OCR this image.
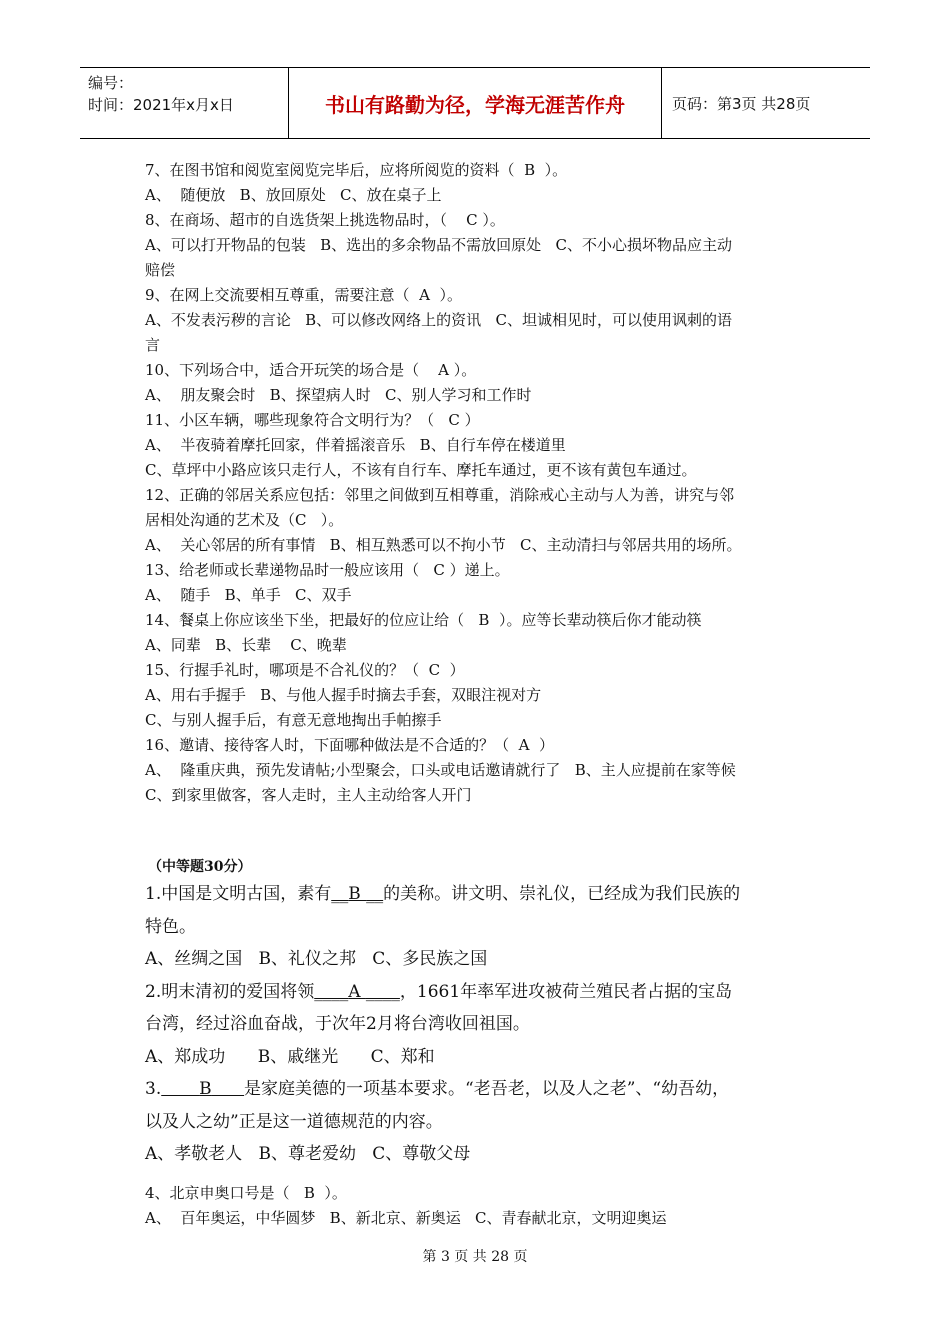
编号：
时间：2021年x月x日	书山有路勤为径，学海无涯苦作舟	页码：第3页 共28页

7、在图书馆和阅览室阅览完毕后，应将所阅览的资料（  B  ）。

A、  随便放   B、放回原处   C、放在桌子上

8、在商场、超市的自选货架上挑选物品时，（    C ）。

A、可以打开物品的包装   B、选出的多余物品不需放回原处   C、不小心损坏物品应主动

赔偿

9、在网上交流要相互尊重，需要注意（  A  ）。

A、不发表污秽的言论   B、可以修改网络上的资讯   C、坦诚相见时，可以使用讽刺的语

言

10、下列场合中，适合开玩笑的场合是（    A ）。

A、  朋友聚会时   B、探望病人时   C、别人学习和工作时

11、小区车辆，哪些现象符合文明行为？（   C ）

A、  半夜骑着摩托回家，伴着摇滚音乐   B、自行车停在楼道里

C、草坪中小路应该只走行人，不该有自行车、摩托车通过，更不该有黄包车通过。

12、正确的邻居关系应包括：邻里之间做到互相尊重，消除戒心主动与人为善，讲究与邻

居相处沟通的艺术及（C   ）。

A、  关心邻居的所有事情   B、相互熟悉可以不拘小节   C、主动清扫与邻居共用的场所。

13、给老师或长辈递物品时一般应该用（   C ）递上。

A、  随手   B、单手   C、双手

14、餐桌上你应该坐下坐，把最好的位应让给（   B  ）。应等长辈动筷后你才能动筷

A、同辈   B、长辈    C、晚辈

15、行握手礼时，哪项是不合礼仪的？（  C  ）

A、用右手握手   B、与他人握手时摘去手套，双眼注视对方

C、与别人握手后，有意无意地掏出手帕擦手

16、邀请、接待客人时，下面哪种做法是不合适的？（  A  ）

A、  隆重庆典，预先发请帖;小型聚会，口头或电话邀请就行了   B、主人应提前在家等候

C、到家里做客，客人走时，主人主动给客人开门

（中等题30分）

1.中国是文明古国，素有__B __的美称。讲文明、崇礼仪，已经成为我们民族的

特色。

A、丝绸之国   B、礼仪之邦   C、多民族之国

2.明末清初的爱国将领____A ____，1661年率军进攻被荷兰殖民者占据的宝岛

台湾，经过浴血奋战，于次年2月将台湾收回祖国。

A、郑成功      B、戚继光      C、郑和

3. B 是家庭美德的一项基本要求。“老吾老，以及人之老”、“幼吾幼，

以及人之幼”正是这一道德规范的内容。

A、孝敬老人   B、尊老爱幼   C、尊敬父母

4、北京申奥口号是（   B  ）。

A、  百年奥运，中华圆梦   B、新北京、新奥运   C、青春献北京，文明迎奥运

第 3 页 共 28 页
